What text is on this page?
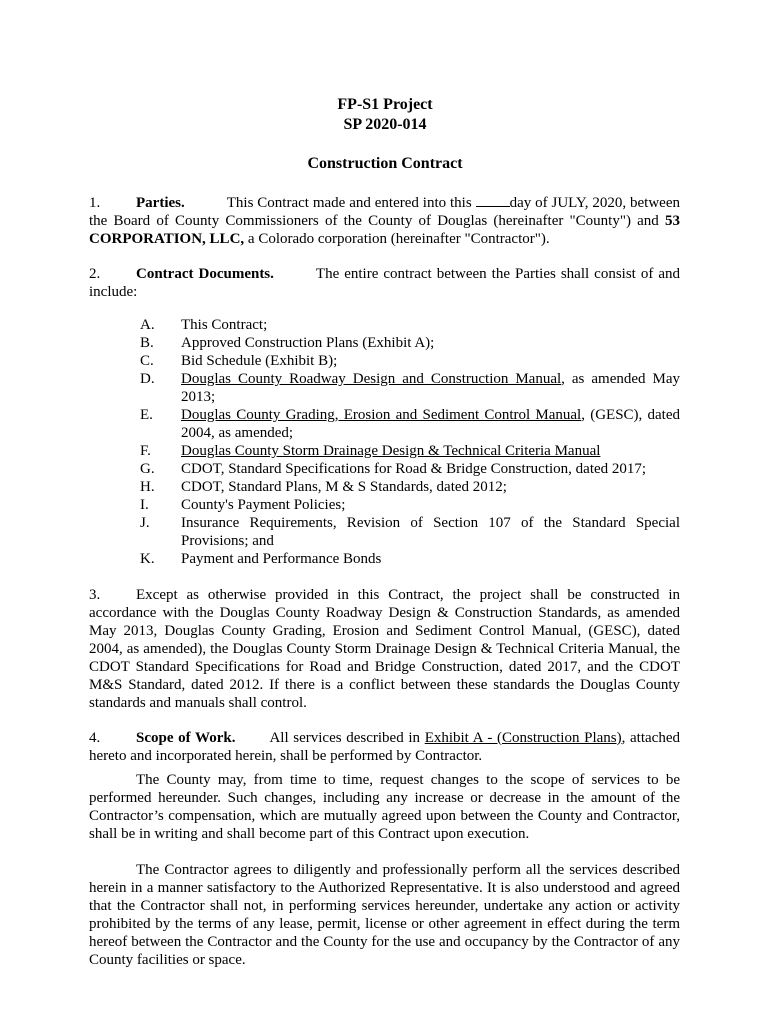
FP-S1 Project
SP 2020-014
Construction Contract
1. Parties.	This Contract made and entered into this day of JULY, 2020, between the Board of County Commissioners of the County of Douglas (hereinafter "County") and 53 CORPORATION, LLC, a Colorado corporation (hereinafter "Contractor").
2. Contract Documents.	The entire contract between the Parties shall consist of and include:
A.	This Contract;
B.	Approved Construction Plans (Exhibit A);
C.	Bid Schedule (Exhibit B);
D.	Douglas County Roadway Design and Construction Manual, as amended May 2013;
E.	Douglas County Grading, Erosion and Sediment Control Manual, (GESC), dated 2004, as amended;
F.	Douglas County Storm Drainage Design & Technical Criteria Manual
G.	CDOT, Standard Specifications for Road & Bridge Construction, dated 2017;
H.	CDOT, Standard Plans, M & S Standards, dated 2012;
I.	County's Payment Policies;
J.	Insurance Requirements, Revision of Section 107 of the Standard Special Provisions; and
K.	Payment and Performance Bonds
3. Except as otherwise provided in this Contract, the project shall be constructed in accordance with the Douglas County Roadway Design & Construction Standards, as amended May 2013, Douglas County Grading, Erosion and Sediment Control Manual, (GESC), dated 2004, as amended), the Douglas County Storm Drainage Design & Technical Criteria Manual, the CDOT Standard Specifications for Road and Bridge Construction, dated 2017, and the CDOT M&S Standard, dated 2012. If there is a conflict between these standards the Douglas County standards and manuals shall control.
4. Scope of Work. All services described in Exhibit A - (Construction Plans), attached hereto and incorporated herein, shall be performed by Contractor.
The County may, from time to time, request changes to the scope of services to be performed hereunder. Such changes, including any increase or decrease in the amount of the Contractor’s compensation, which are mutually agreed upon between the County and Contractor, shall be in writing and shall become part of this Contract upon execution.
The Contractor agrees to diligently and professionally perform all the services described herein in a manner satisfactory to the Authorized Representative. It is also understood and agreed that the Contractor shall not, in performing services hereunder, undertake any action or activity prohibited by the terms of any lease, permit, license or other agreement in effect during the term hereof between the Contractor and the County for the use and occupancy by the Contractor of any County facilities or space.
